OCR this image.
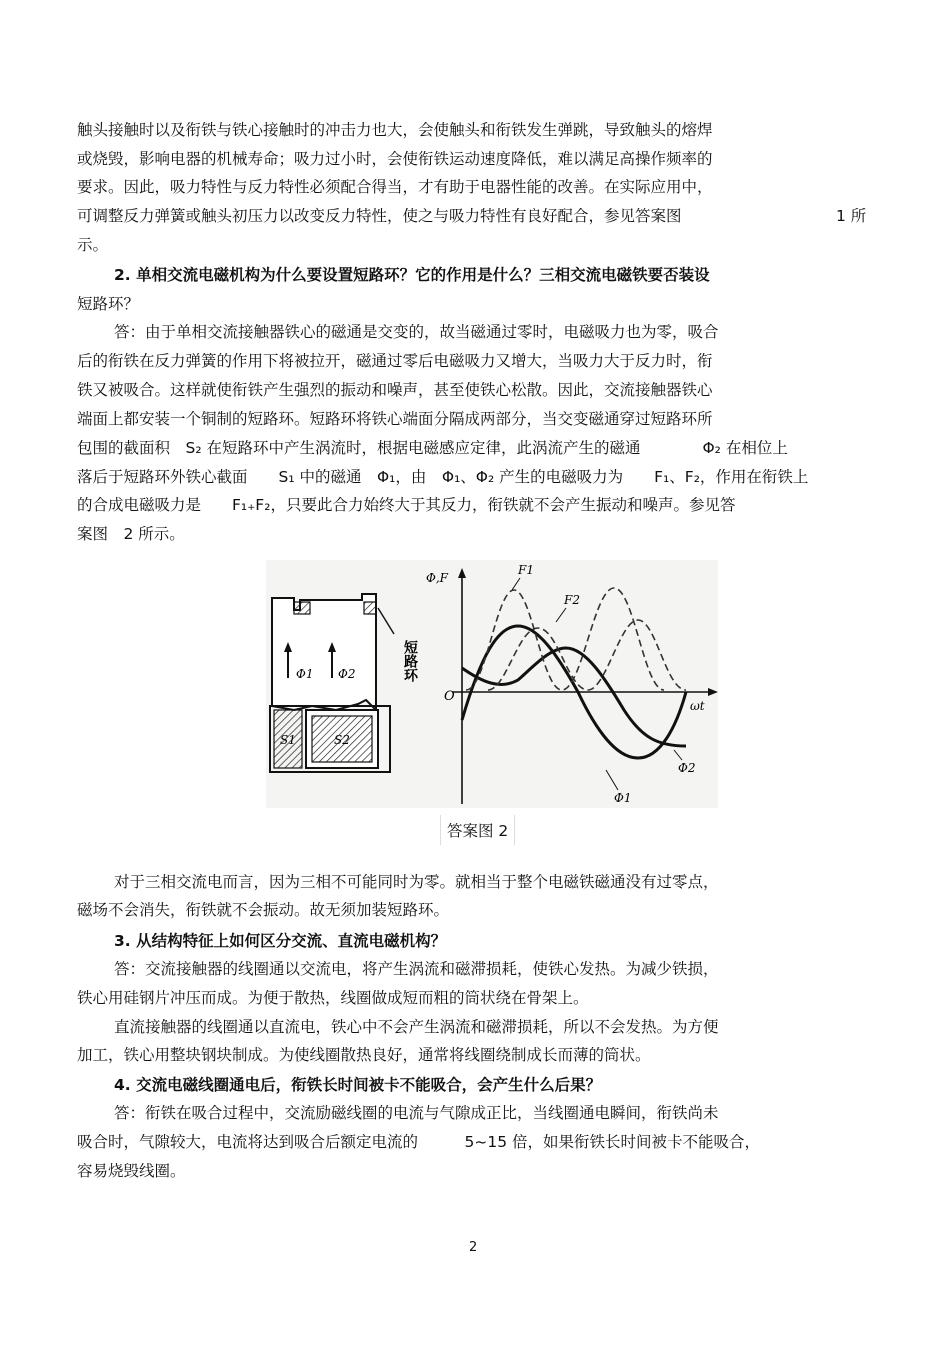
触头接触时以及衔铁与铁心接触时的冲击力也大，会使触头和衔铁发生弹跳，导致触头的熔焊
或烧毁，影响电器的机械寿命；吸力过小时，会使衔铁运动速度降低，难以满足高操作频率的
要求。因此，吸力特性与反力特性必须配合得当，才有助于电器性能的改善。在实际应用中，
可调整反力弹簧或触头初压力以改变反力特性，使之与吸力特性有良好配合，参见答案图	1 所
示。
2. 单相交流电磁机构为什么要设置短路环？它的作用是什么？三相交流电磁铁要否装设
短路环？
答：由于单相交流接触器铁心的磁通是交变的，故当磁通过零时，电磁吸力也为零，吸合
后的衔铁在反力弹簧的作用下将被拉开，磁通过零后电磁吸力又增大，当吸力大于反力时，衔
铁又被吸合。这样就使衔铁产生强烈的振动和噪声，甚至使铁心松散。因此，交流接触器铁心
端面上都安装一个铜制的短路环。短路环将铁心端面分隔成两部分，当交变磁通穿过短路环所
包围的截面积　S₂ 在短路环中产生涡流时，根据电磁感应定律，此涡流产生的磁通　　　　Φ₂ 在相位上
落后于短路环外铁心截面　　S₁ 中的磁通　Φ₁，由　Φ₁、Φ₂ 产生的电磁吸力为　　F₁、F₂，作用在衔铁上
的合成电磁吸力是　　F₁₊F₂，只要此合力始终大于其反力，衔铁就不会产生振动和噪声。参见答
案图　2 所示。
Φ1 Φ2	短路环
S1	S2
Φ,F
O
ωt
F1
F2
Φ1
Φ2
答案图 2
对于三相交流电而言，因为三相不可能同时为零。就相当于整个电磁铁磁通没有过零点，
磁场不会消失，衔铁就不会振动。故无须加装短路环。
3. 从结构特征上如何区分交流、直流电磁机构？
答：交流接触器的线圈通以交流电，将产生涡流和磁滞损耗，使铁心发热。为减少铁损，
铁心用硅钢片冲压而成。为便于散热，线圈做成短而粗的筒状绕在骨架上。
直流接触器的线圈通以直流电，铁心中不会产生涡流和磁滞损耗，所以不会发热。为方便
加工，铁心用整块钢块制成。为使线圈散热良好，通常将线圈绕制成长而薄的筒状。
4. 交流电磁线圈通电后，衔铁长时间被卡不能吸合，会产生什么后果？
答：衔铁在吸合过程中，交流励磁线圈的电流与气隙成正比，当线圈通电瞬间，衔铁尚未
吸合时，气隙较大，电流将达到吸合后额定电流的　　　5~15 倍，如果衔铁长时间被卡不能吸合，
容易烧毁线圈。
2
